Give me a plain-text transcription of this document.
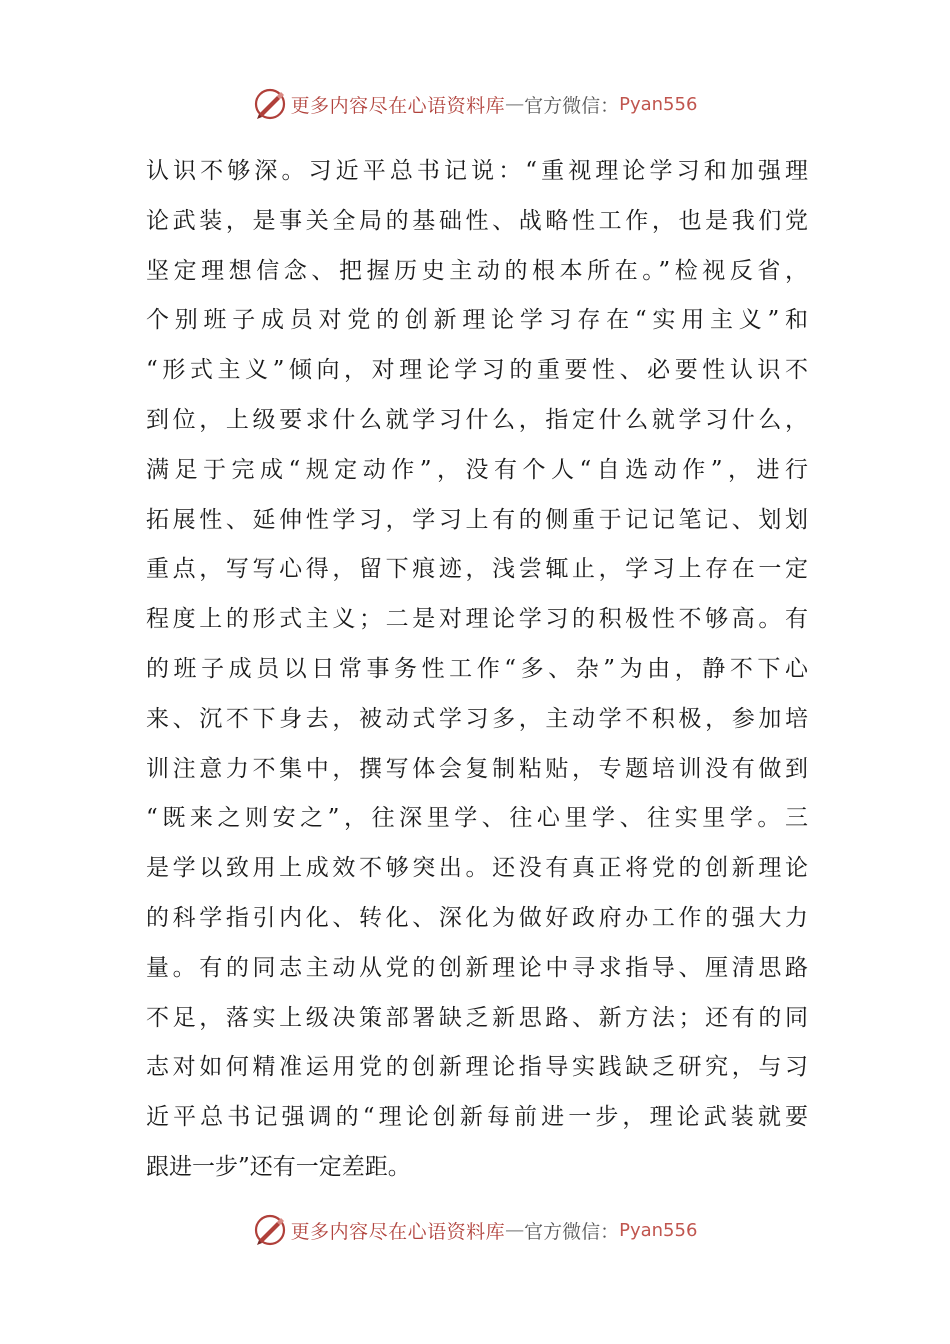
更多内容尽在心语资料库 — 官方微信： Pyan556
认识不够深。习近平总书记说：“重视理论学习和加强理
论武装，是事关全局的基础性、战略性工作，也是我们党
坚定理想信念、把握历史主动的根本所在。”检视反省，
个别班子成员对党的创新理论学习存在“实用主义”和
“形式主义”倾向，对理论学习的重要性、必要性认识不
到位，上级要求什么就学习什么，指定什么就学习什么，
满足于完成“规定动作”，没有个人“自选动作”，进行
拓展性、延伸性学习，学习上有的侧重于记记笔记、划划
重点，写写心得，留下痕迹，浅尝辄止，学习上存在一定
程度上的形式主义；二是对理论学习的积极性不够高。有
的班子成员以日常事务性工作“多、杂”为由，静不下心
来、沉不下身去，被动式学习多，主动学不积极，参加培
训注意力不集中，撰写体会复制粘贴，专题培训没有做到
“既来之则安之”，往深里学、往心里学、往实里学。三
是学以致用上成效不够突出。还没有真正将党的创新理论
的科学指引内化、转化、深化为做好政府办工作的强大力
量。有的同志主动从党的创新理论中寻求指导、厘清思路
不足，落实上级决策部署缺乏新思路、新方法；还有的同
志对如何精准运用党的创新理论指导实践缺乏研究，与习
近平总书记强调的“理论创新每前进一步，理论武装就要
跟进一步”还有一定差距。
更多内容尽在心语资料库 — 官方微信： Pyan556
